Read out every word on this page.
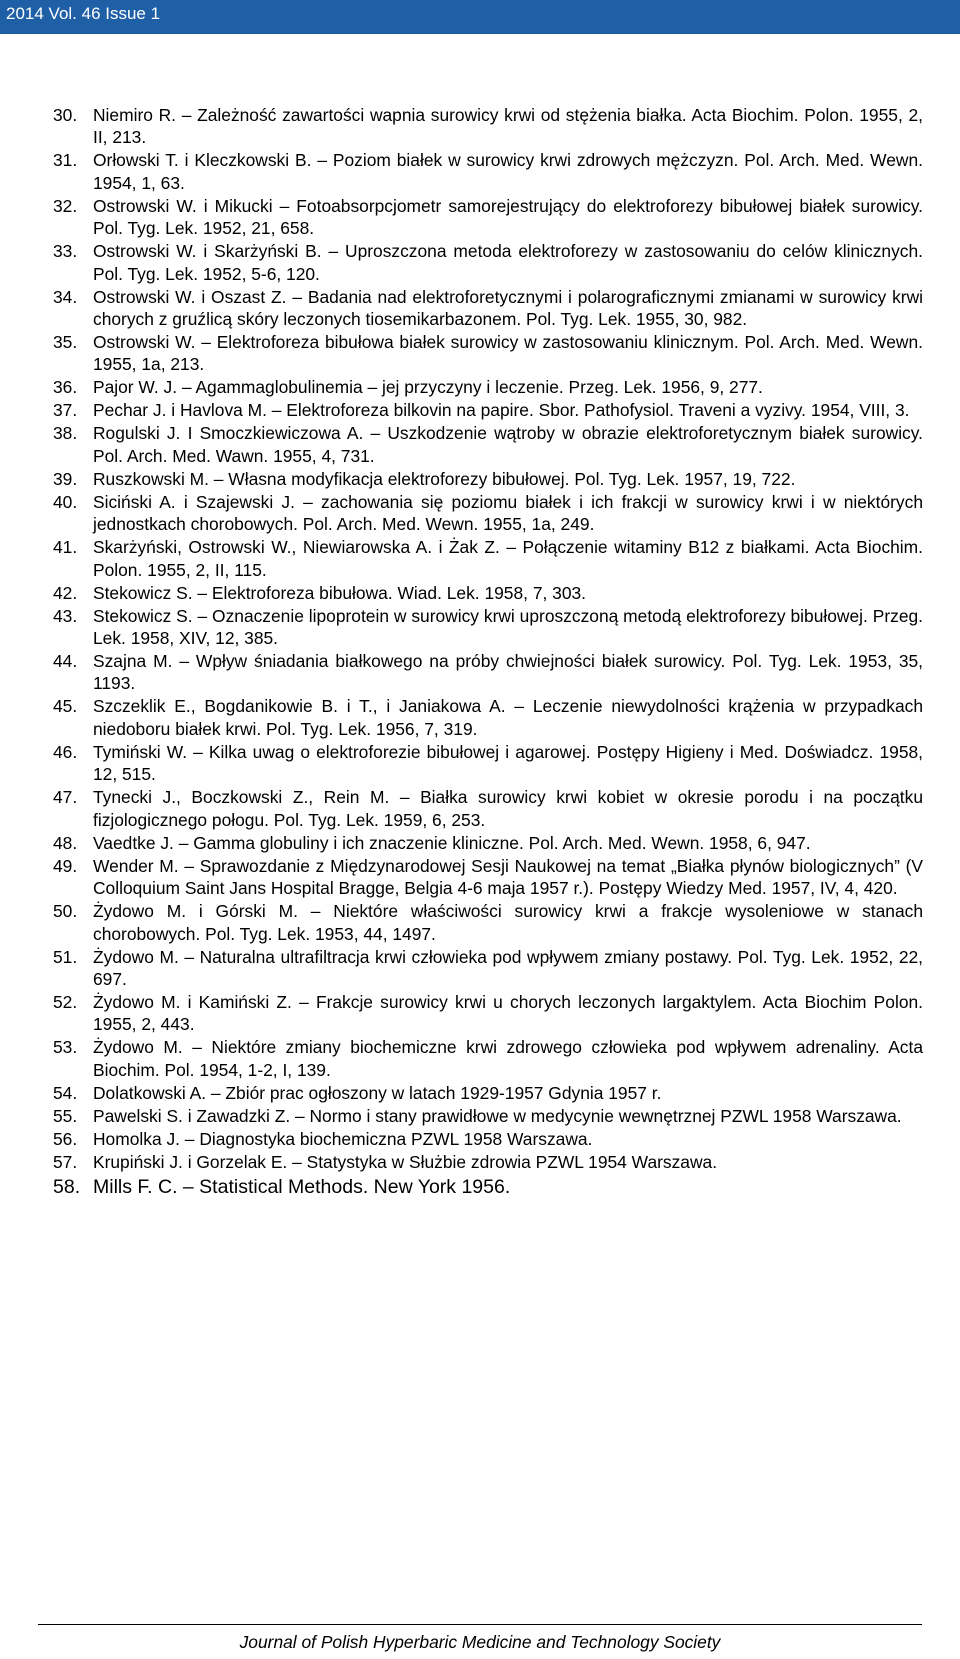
2014 Vol. 46 Issue 1
30. Niemiro R. – Zależność zawartości wapnia surowicy krwi od stężenia białka. Acta Biochim. Polon. 1955, 2, II, 213.
31. Orłowski T. i Kleczkowski B. – Poziom białek w surowicy krwi zdrowych mężczyzn. Pol. Arch. Med. Wewn. 1954, 1, 63.
32. Ostrowski W. i Mikucki – Fotoabsorpcjometr samorejestrujący do elektroforezy bibułowej białek surowicy. Pol. Tyg. Lek. 1952, 21, 658.
33. Ostrowski W. i Skarżyński B. – Uproszczona metoda elektroforezy w zastosowaniu do celów klinicznych. Pol. Tyg. Lek. 1952, 5-6, 120.
34. Ostrowski W. i Oszast Z. – Badania nad elektroforetycznymi i polarograficznymi zmianami w surowicy krwi chorych z gruźlicą skóry leczonych tiosemikarbazonem. Pol. Tyg. Lek. 1955, 30, 982.
35. Ostrowski W. – Elektroforeza bibułowa białek surowicy w zastosowaniu klinicznym. Pol. Arch. Med. Wewn. 1955, 1a, 213.
36. Pajor W. J. – Agammaglobulinemia – jej przyczyny i leczenie. Przeg. Lek. 1956, 9, 277.
37. Pechar J. i Havlova M. – Elektroforeza bilkovin na papire. Sbor. Pathofysiol. Traveni a vyzivy. 1954, VIII, 3.
38. Rogulski J. I Smoczkiewiczowa A. – Uszkodzenie wątroby w obrazie elektroforetycznym białek surowicy. Pol. Arch. Med. Wawn. 1955, 4, 731.
39. Ruszkowski M. – Własna modyfikacja elektroforezy bibułowej. Pol. Tyg. Lek. 1957, 19, 722.
40. Siciński A. i Szajewski J. – zachowania się poziomu białek i ich frakcji w surowicy krwi i w niektórych jednostkach chorobowych. Pol. Arch. Med. Wewn. 1955, 1a, 249.
41. Skarżyński, Ostrowski W., Niewiarowska A. i Żak Z. – Połączenie witaminy B12 z białkami. Acta Biochim. Polon. 1955, 2, II, 115.
42. Stekowicz S. – Elektroforeza bibułowa. Wiad. Lek. 1958, 7, 303.
43. Stekowicz S. – Oznaczenie lipoprotein w surowicy krwi uproszczoną metodą elektroforezy bibułowej. Przeg. Lek. 1958, XIV, 12, 385.
44. Szajna M. – Wpływ śniadania białkowego na próby chwiejności białek surowicy. Pol. Tyg. Lek. 1953, 35, 1193.
45. Szczeklik E., Bogdanikowie B. i T., i Janiakowa A. – Leczenie niewydolności krążenia w przypadkach niedoboru białek krwi. Pol. Tyg. Lek. 1956, 7, 319.
46. Tymiński W. – Kilka uwag o elektroforezie bibułowej i agarowej. Postępy Higieny i Med. Doświadcz. 1958, 12, 515.
47. Tynecki J., Boczkowski Z., Rein M. – Białka surowicy krwi kobiet w okresie porodu i na początku fizjologicznego połogu. Pol. Tyg. Lek. 1959, 6, 253.
48. Vaedtke J. – Gamma globuliny i ich znaczenie kliniczne. Pol. Arch. Med. Wewn. 1958, 6, 947.
49. Wender M. – Sprawozdanie z Międzynarodowej Sesji Naukowej na temat „Białka płynów biologicznych” (V Colloquium Saint Jans Hospital Bragge, Belgia 4-6 maja 1957 r.). Postępy Wiedzy Med. 1957, IV, 4, 420.
50. Żydowo M. i Górski M. – Niektóre właściwości surowicy krwi a frakcje wysoleniowe w stanach chorobowych. Pol. Tyg. Lek. 1953, 44, 1497.
51. Żydowo M. – Naturalna ultrafiltracja krwi człowieka pod wpływem zmiany postawy. Pol. Tyg. Lek. 1952, 22, 697.
52. Żydowo M. i Kamiński Z. – Frakcje surowicy krwi u chorych leczonych largaktylem. Acta Biochim Polon. 1955, 2, 443.
53. Żydowo M. – Niektóre zmiany biochemiczne krwi zdrowego człowieka pod wpływem adrenaliny. Acta Biochim. Pol. 1954, 1-2, I, 139.
54. Dolatkowski A. – Zbiór prac ogłoszony w latach 1929-1957 Gdynia 1957 r.
55. Pawelski S. i Zawadzki Z. – Normo i stany prawidłowe w medycynie wewnętrznej PZWL 1958 Warszawa.
56. Homolka J. – Diagnostyka biochemiczna PZWL 1958 Warszawa.
57. Krupiński J. i Gorzelak E. – Statystyka w Służbie zdrowia PZWL 1954 Warszawa.
58. Mills F. C. – Statistical Methods. New York 1956.
Journal of Polish Hyperbaric Medicine and Technology Society
